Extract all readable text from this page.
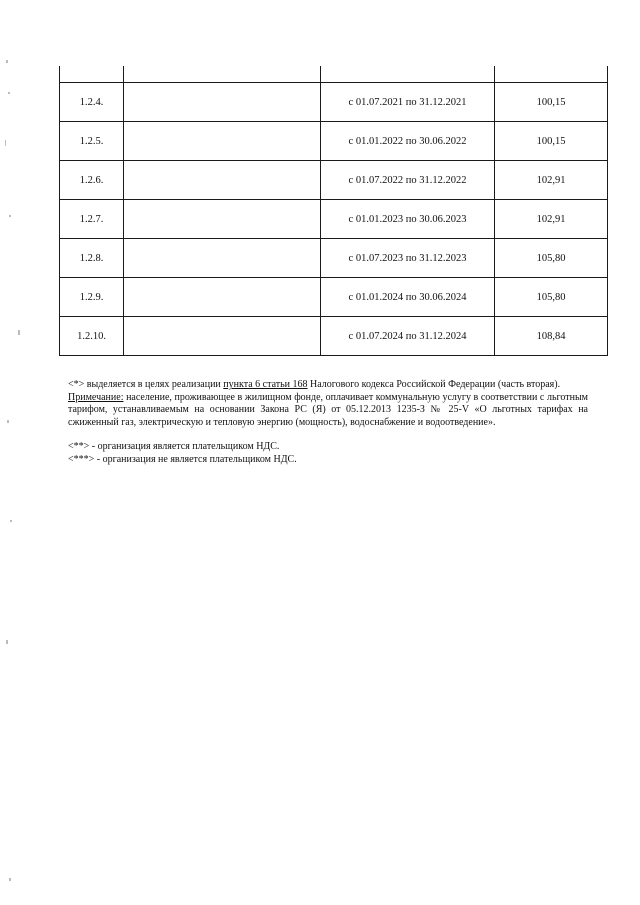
1.2.4.		с 01.07.2021 по 31.12.2021	100,15
1.2.5.		с 01.01.2022 по 30.06.2022	100,15
1.2.6.		с 01.07.2022 по 31.12.2022	102,91
1.2.7.		с 01.01.2023 по 30.06.2023	102,91
1.2.8.		с 01.07.2023 по 31.12.2023	105,80
1.2.9.		с 01.01.2024 по 30.06.2024	105,80
1.2.10.		с 01.07.2024 по 31.12.2024	108,84

<*> выделяется в целях реализации пункта 6 статьи 168 Налогового кодекса Российской Федерации (часть вторая).

Примечание: население, проживающее в жилищном фонде, оплачивает коммунальную услугу в соответствии с льготным тарифом, устанавливаемым на основании Закона РС (Я) от 05.12.2013 1235-З № 25-V «О льготных тарифах на сжиженный газ, электрическую и тепловую энергию (мощность), водоснабжение и водоотведение».

<**> - организация является плательщиком НДС.

<***> - организация не является плательщиком НДС.
